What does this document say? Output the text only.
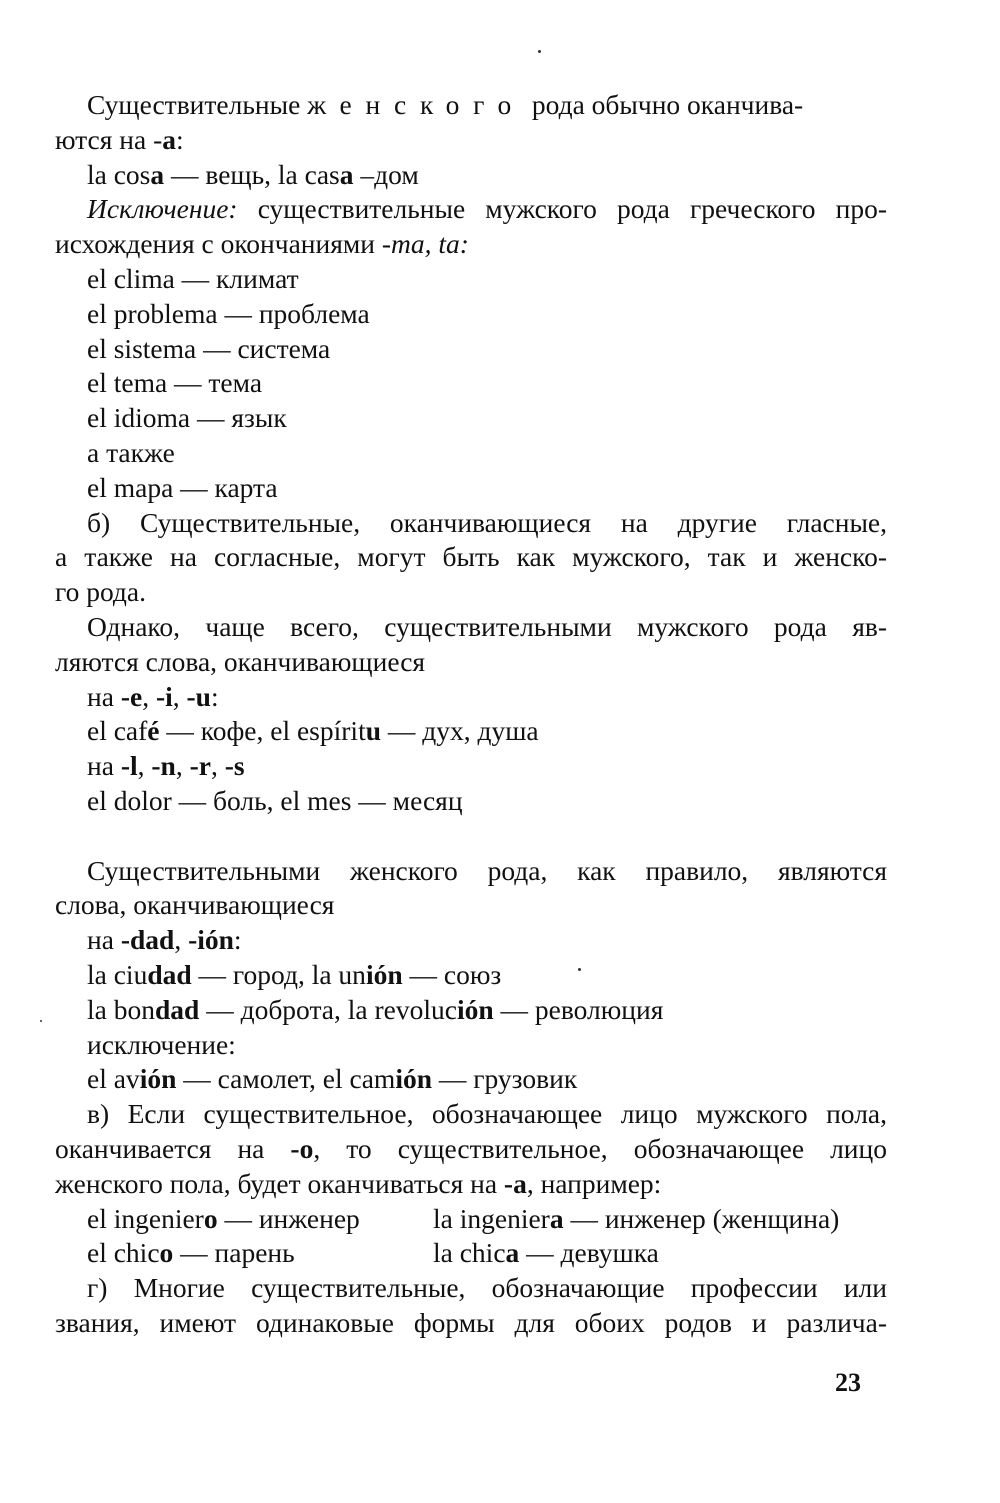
Существительные женского рода обычно оканчива-
ются на -a:
la cosa — вещь, la casa –дом
Исключение: существительные мужского рода греческого про-
исхождения с окончаниями -ma, ta:
el clima — климат
el problema — проблема
el sistema — система
el tema — тема
el idioma — язык
а также
el mapa — карта
б) Существительные, оканчивающиеся на другие гласные,
а также на согласные, могут быть как мужского, так и женско-
го рода.
Однако, чаще всего, существительными мужского рода яв-
ляются слова, оканчивающиеся
на -e, -i, -u:
el café — кофе, el espíritu — дух, душа
на -l, -n, -r, -s
el dolor — боль, el mes — месяц
Существительными женского рода, как правило, являются
слова, оканчивающиеся
на -dad, -ión:
la ciudad — город, la unión — союз
la bondad — доброта, la revolución — революция
исключение:
el avión — самолет, el camión — грузовик
в) Если существительное, обозначающее лицо мужского пола,
оканчивается на -o, то существительное, обозначающее лицо
женского пола, будет оканчиваться на -a, например:
el ingeniero — инженер	la ingeniera — инженер (женщина)
el chico — парень	la chica — девушка
г) Многие существительные, обозначающие профессии или
звания, имеют одинаковые формы для обоих родов и различа-
23
